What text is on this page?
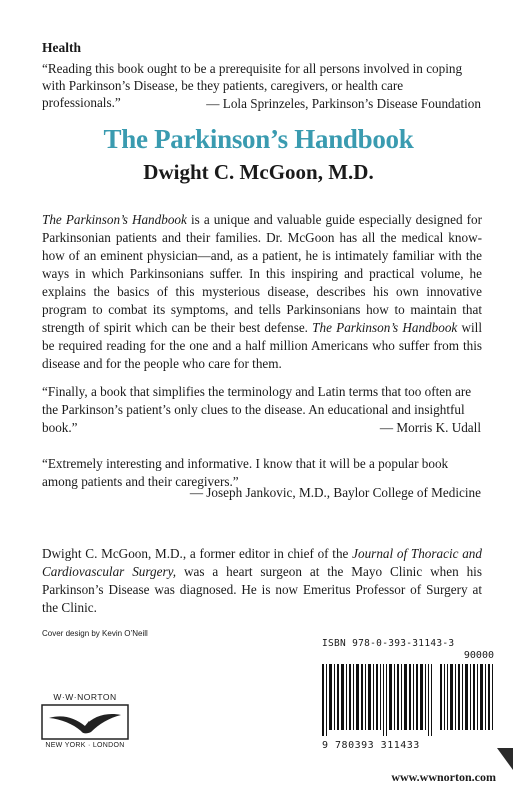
Health
“Reading this book ought to be a prerequisite for all persons involved in coping with Parkinson’s Disease, be they patients, caregivers, or health care professionals.”	— Lola Sprinzeles, Parkinson’s Disease Foundation
The Parkinson’s Handbook
Dwight C. McGoon, M.D.
The Parkinson’s Handbook is a unique and valuable guide especially designed for Parkinsonian patients and their families. Dr. McGoon has all the medical know-how of an eminent physician—and, as a patient, he is intimately familiar with the ways in which Parkinsonians suffer. In this inspiring and practical volume, he explains the basics of this mysterious disease, describes his own innovative program to combat its symptoms, and tells Parkinsonians how to maintain that strength of spirit which can be their best defense. The Parkinson’s Handbook will be required reading for the one and a half million Americans who suffer from this disease and for the people who care for them.
“Finally, a book that simplifies the terminology and Latin terms that too often are the Parkinson’s patient’s only clues to the disease. An educational and insightful book.”	— Morris K. Udall
“Extremely interesting and informative. I know that it will be a popular book among patients and their caregivers.”
— Joseph Jankovic, M.D., Baylor College of Medicine
Dwight C. McGoon, M.D., a former editor in chief of the Journal of Thoracic and Cardiovascular Surgery, was a heart surgeon at the Mayo Clinic when his Parkinson’s Disease was diagnosed. He is now Emeritus Professor of Surgery at the Clinic.
Cover design by Kevin O’Neill
W·W·NORTON
NEW YORK · LONDON
ISBN 978-0-393-31143-3
90000
9 780393 311433
www.wwnorton.com
